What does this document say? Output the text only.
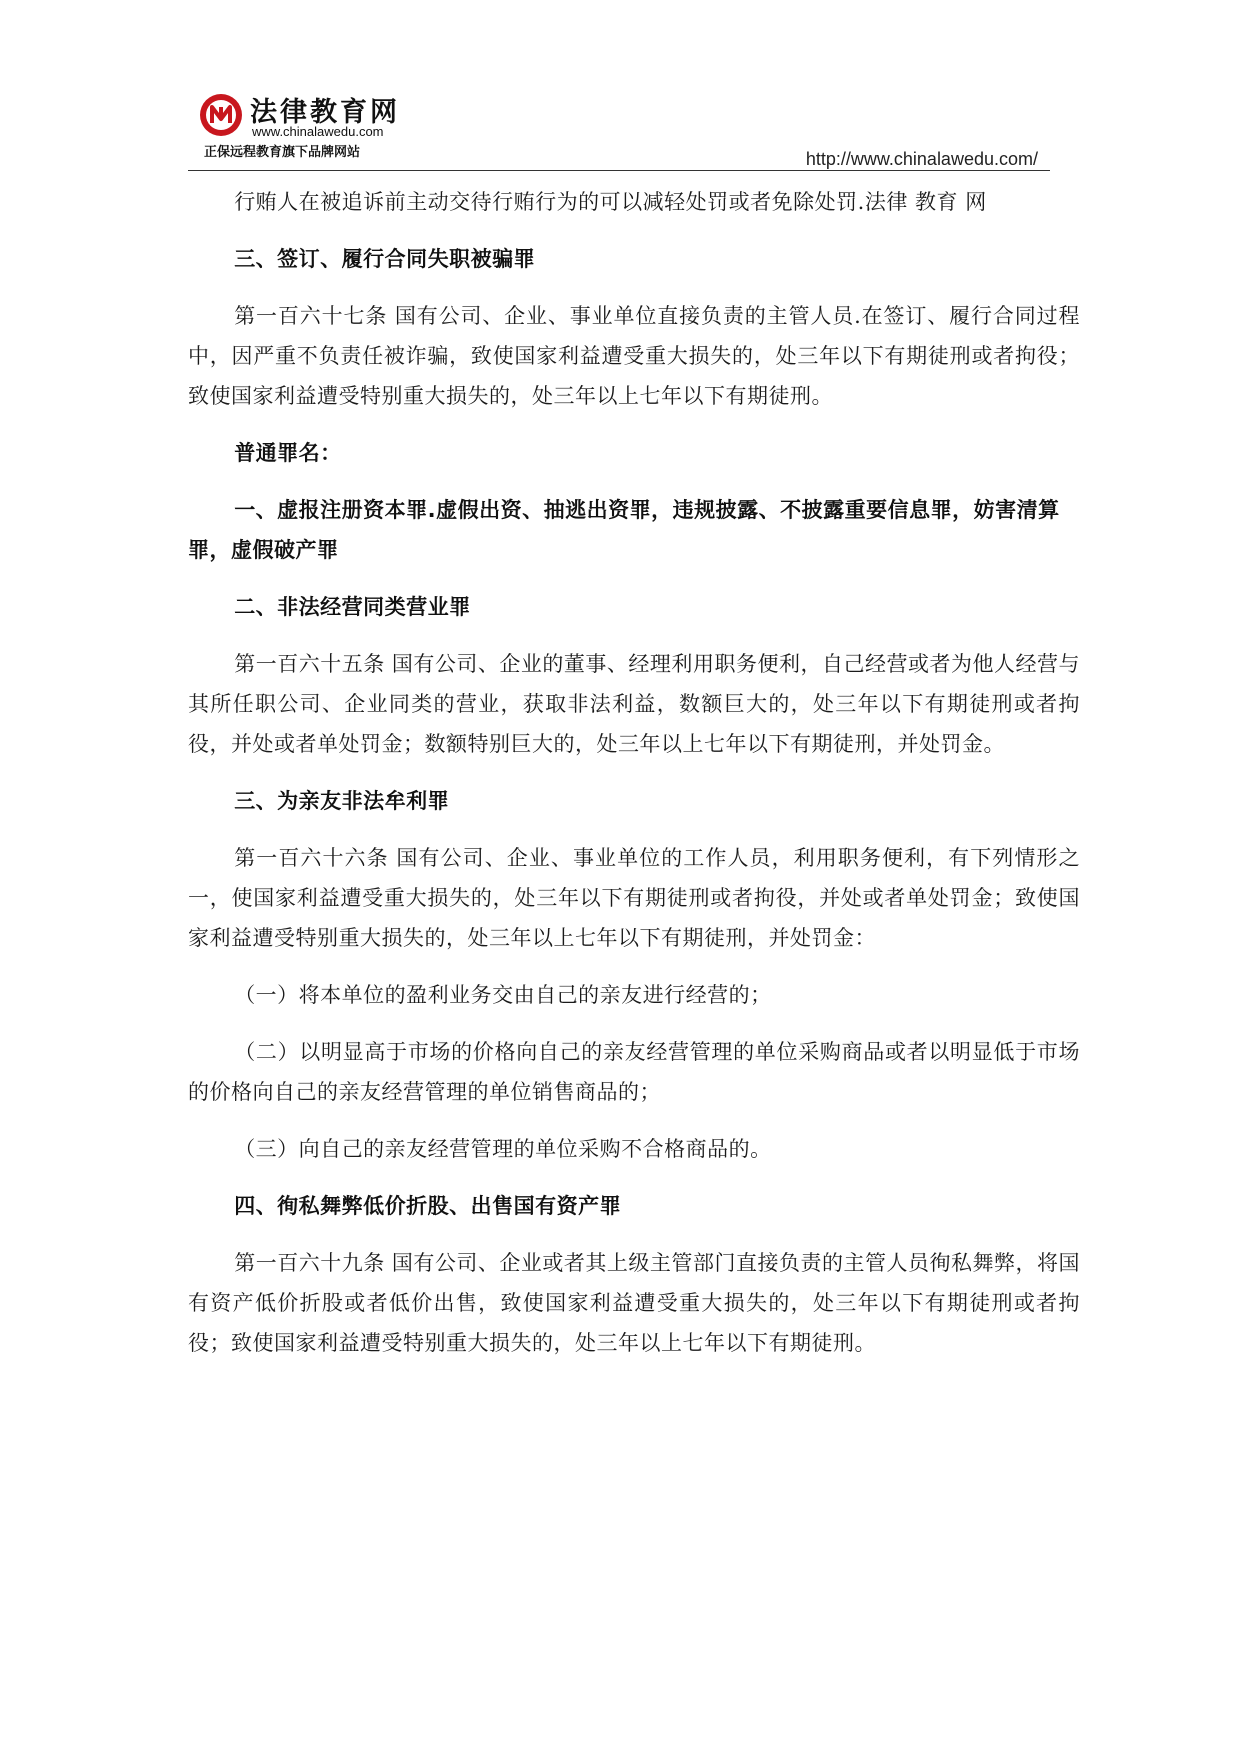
法律教育网
www.chinalawedu.com
正保远程教育旗下品牌网站	http://www.chinalawedu.com/

行贿人在被追诉前主动交待行贿行为的可以减轻处罚或者免除处罚.法律 教育 网

三、签订、履行合同失职被骗罪

第一百六十七条 国有公司、企业、事业单位直接负责的主管人员.在签订、履行合同过程中，因严重不负责任被诈骗，致使国家利益遭受重大损失的，处三年以下有期徒刑或者拘役；致使国家利益遭受特别重大损失的，处三年以上七年以下有期徒刑。

普通罪名：

一、虚报注册资本罪.虚假出资、抽逃出资罪，违规披露、不披露重要信息罪，妨害清算罪，虚假破产罪

二、非法经营同类营业罪

第一百六十五条 国有公司、企业的董事、经理利用职务便利，自己经营或者为他人经营与其所任职公司、企业同类的营业，获取非法利益，数额巨大的，处三年以下有期徒刑或者拘役，并处或者单处罚金；数额特别巨大的，处三年以上七年以下有期徒刑，并处罚金。

三、为亲友非法牟利罪

第一百六十六条 国有公司、企业、事业单位的工作人员，利用职务便利，有下列情形之一，使国家利益遭受重大损失的，处三年以下有期徒刑或者拘役，并处或者单处罚金；致使国家利益遭受特别重大损失的，处三年以上七年以下有期徒刑，并处罚金：

（一）将本单位的盈利业务交由自己的亲友进行经营的；

（二）以明显高于市场的价格向自己的亲友经营管理的单位采购商品或者以明显低于市场的价格向自己的亲友经营管理的单位销售商品的；

（三）向自己的亲友经营管理的单位采购不合格商品的。

四、徇私舞弊低价折股、出售国有资产罪

第一百六十九条 国有公司、企业或者其上级主管部门直接负责的主管人员徇私舞弊，将国有资产低价折股或者低价出售，致使国家利益遭受重大损失的，处三年以下有期徒刑或者拘役；致使国家利益遭受特别重大损失的，处三年以上七年以下有期徒刑。
